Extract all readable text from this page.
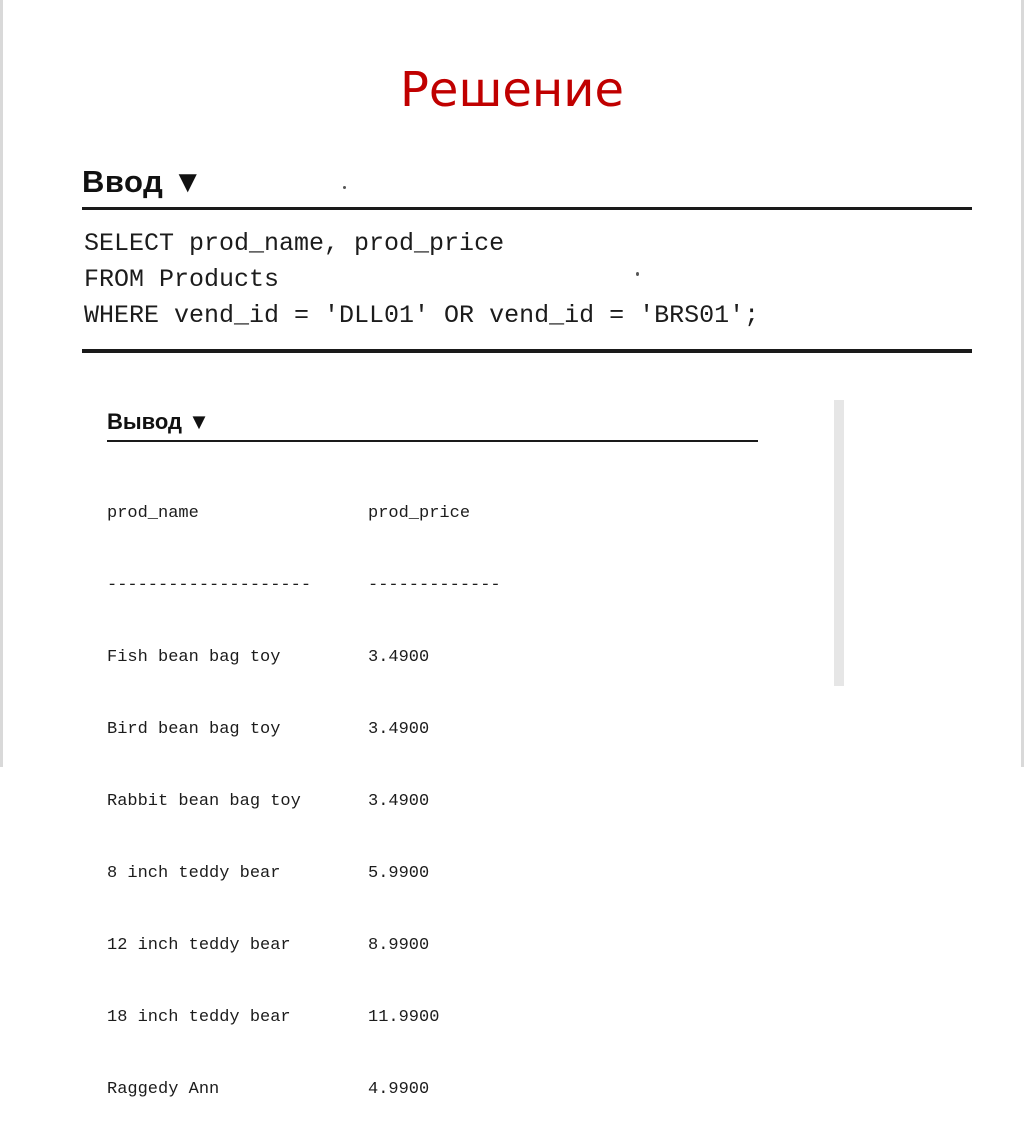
Решение
Ввод ▼
SELECT prod_name, prod_price
FROM Products
WHERE vend_id = 'DLL01' OR vend_id = 'BRS01';
Вывод ▼

prod_name

--------------------

Fish bean bag toy

Bird bean bag toy

Rabbit bean bag toy

8 inch teddy bear

12 inch teddy bear

18 inch teddy bear

Raggedy Ann

prod_price

-------------

3.4900

3.4900

3.4900

5.9900

8.9900

11.9900

4.9900
